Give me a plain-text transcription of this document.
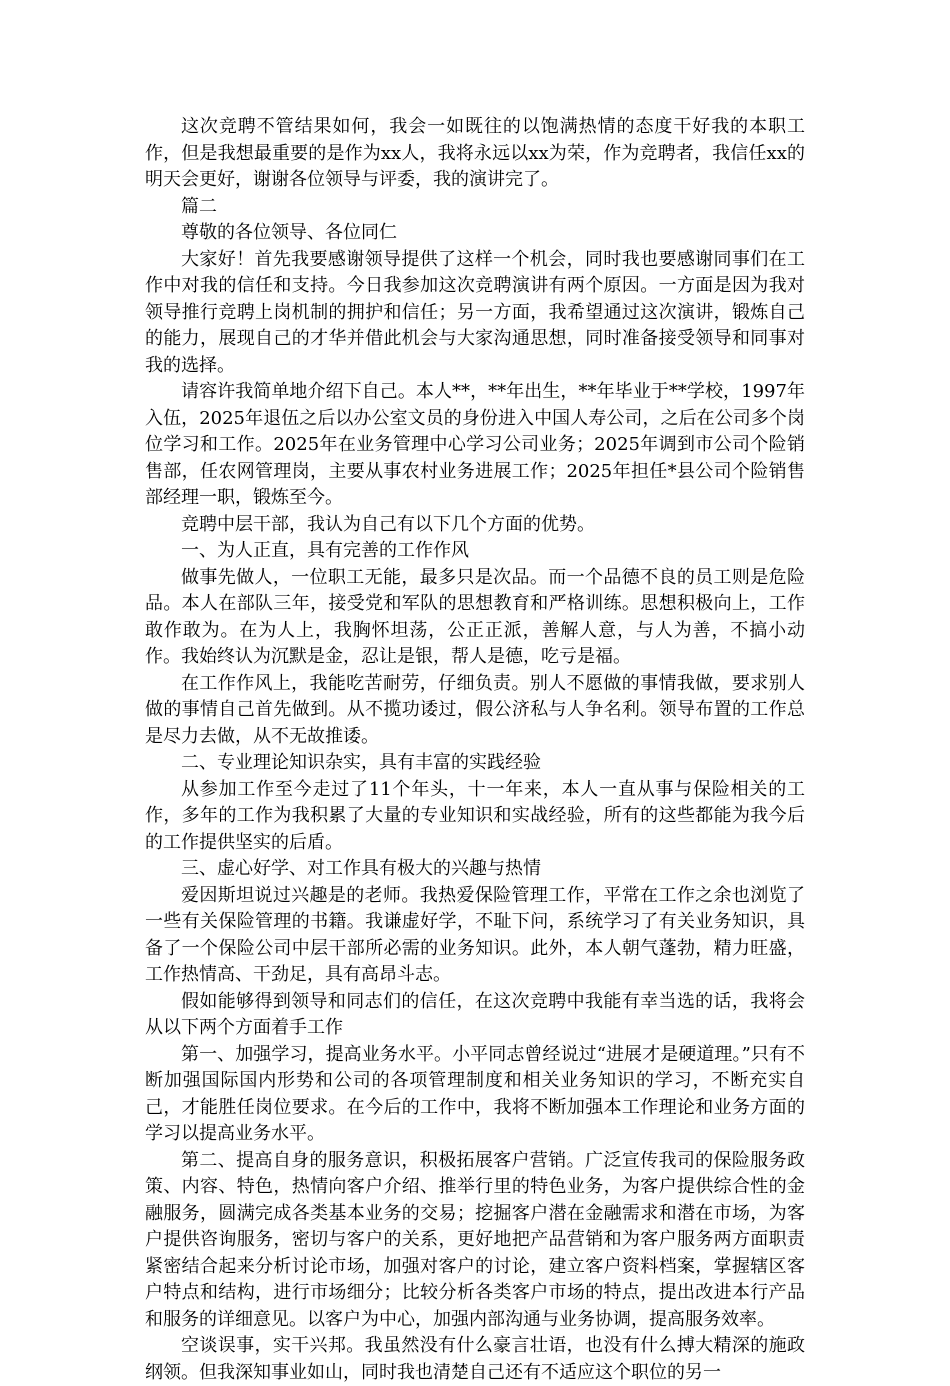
这次竞聘不管结果如何，我会一如既往的以饱满热情的态度干好我的本职工作，但是我想最重要的是作为xx人，我将永远以xx为荣，作为竞聘者，我信任xx的明天会更好，谢谢各位领导与评委，我的演讲完了。

篇二

尊敬的各位领导、各位同仁

大家好！首先我要感谢领导提供了这样一个机会，同时我也要感谢同事们在工作中对我的信任和支持。今日我参加这次竞聘演讲有两个原因。一方面是因为我对领导推行竞聘上岗机制的拥护和信任；另一方面，我希望通过这次演讲，锻炼自己的能力，展现自己的才华并借此机会与大家沟通思想，同时准备接受领导和同事对我的选择。

请容许我简单地介绍下自己。本人**，**年出生，**年毕业于**学校，1997年入伍，2025年退伍之后以办公室文员的身份进入中国人寿公司，之后在公司多个岗位学习和工作。2025年在业务管理中心学习公司业务；2025年调到市公司个险销售部，任农网管理岗，主要从事农村业务进展工作；2025年担任*县公司个险销售部经理一职，锻炼至今。

竞聘中层干部，我认为自己有以下几个方面的优势。

一、为人正直，具有完善的工作作风

做事先做人，一位职工无能，最多只是次品。而一个品德不良的员工则是危险品。本人在部队三年，接受党和军队的思想教育和严格训练。思想积极向上，工作敢作敢为。在为人上，我胸怀坦荡，公正正派，善解人意，与人为善，不搞小动作。我始终认为沉默是金，忍让是银，帮人是德，吃亏是福。

在工作作风上，我能吃苦耐劳，仔细负责。别人不愿做的事情我做，要求别人做的事情自己首先做到。从不揽功诿过，假公济私与人争名利。领导布置的工作总是尽力去做，从不无故推诿。

二、专业理论知识杂实，具有丰富的实践经验

从参加工作至今走过了11个年头，十一年来，本人一直从事与保险相关的工作，多年的工作为我积累了大量的专业知识和实战经验，所有的这些都能为我今后的工作提供坚实的后盾。

三、虚心好学、对工作具有极大的兴趣与热情

爱因斯坦说过兴趣是的老师。我热爱保险管理工作，平常在工作之余也浏览了一些有关保险管理的书籍。我谦虚好学，不耻下问，系统学习了有关业务知识，具备了一个保险公司中层干部所必需的业务知识。此外，本人朝气蓬勃，精力旺盛，工作热情高、干劲足，具有高昂斗志。

假如能够得到领导和同志们的信任，在这次竞聘中我能有幸当选的话，我将会从以下两个方面着手工作

第一、加强学习，提高业务水平。小平同志曾经说过“进展才是硬道理。”只有不断加强国际国内形势和公司的各项管理制度和相关业务知识的学习，不断充实自己，才能胜任岗位要求。在今后的工作中，我将不断加强本工作理论和业务方面的学习以提高业务水平。

第二、提高自身的服务意识，积极拓展客户营销。广泛宣传我司的保险服务政策、内容、特色，热情向客户介绍、推举行里的特色业务，为客户提供综合性的金融服务，圆满完成各类基本业务的交易；挖掘客户潜在金融需求和潜在市场，为客户提供咨询服务，密切与客户的关系，更好地把产品营销和为客户服务两方面职责紧密结合起来分析讨论市场，加强对客户的讨论，建立客户资料档案，掌握辖区客户特点和结构，进行市场细分；比较分析各类客户市场的特点，提出改进本行产品和服务的详细意见。以客户为中心，加强内部沟通与业务协调，提高服务效率。

空谈误事，实干兴邦。我虽然没有什么豪言壮语，也没有什么搏大精深的施政纲领。但我深知事业如山，同时我也清楚自己还有不适应这个职位的另一
